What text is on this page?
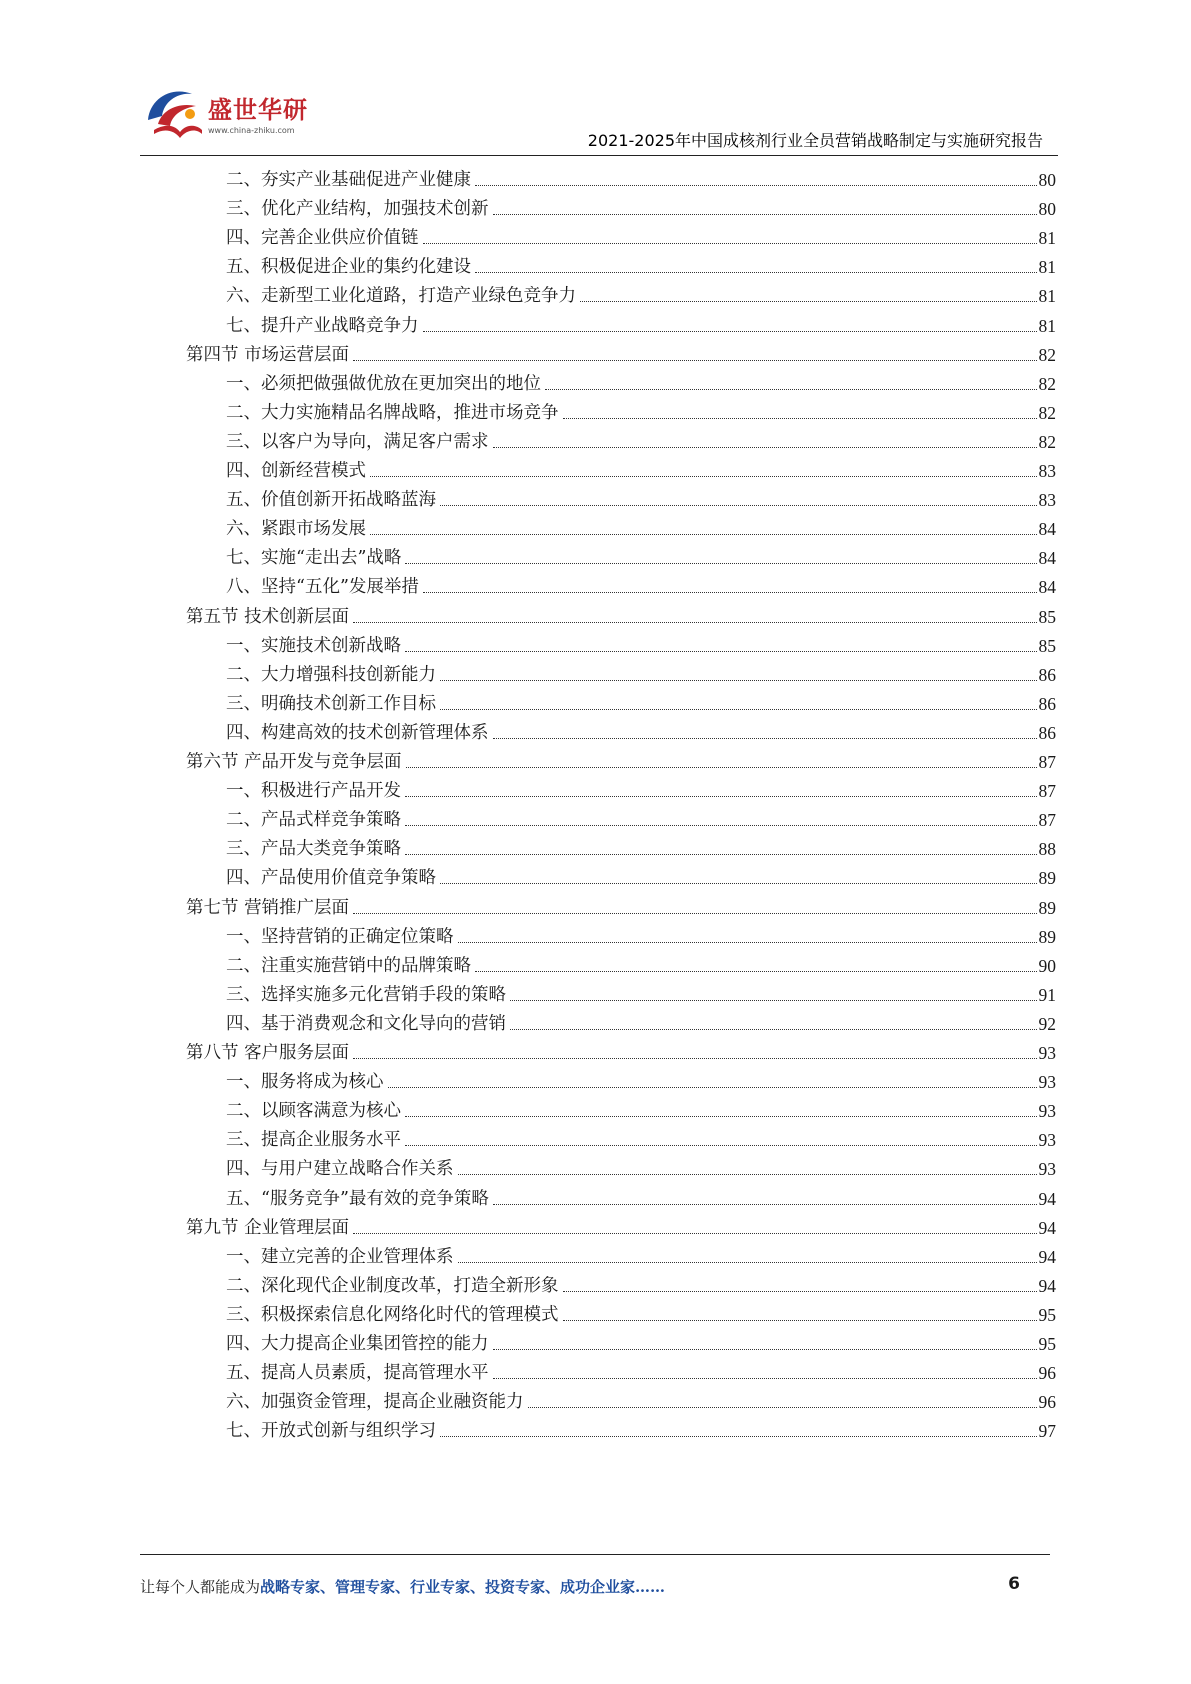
盛世华研
www.china-zhiku.com
2021-2025年中国成核剂行业全员营销战略制定与实施研究报告
二、夯实产业基础促进产业健康	80
三、优化产业结构，加强技术创新	80
四、完善企业供应价值链	81
五、积极促进企业的集约化建设	81
六、走新型工业化道路，打造产业绿色竞争力	81
七、提升产业战略竞争力	81
第四节 市场运营层面	82
一、必须把做强做优放在更加突出的地位	82
二、大力实施精品名牌战略，推进市场竞争	82
三、以客户为导向，满足客户需求	82
四、创新经营模式	83
五、价值创新开拓战略蓝海	83
六、紧跟市场发展	84
七、实施“走出去”战略	84
八、坚持“五化”发展举措	84
第五节 技术创新层面	85
一、实施技术创新战略	85
二、大力增强科技创新能力	86
三、明确技术创新工作目标	86
四、构建高效的技术创新管理体系	86
第六节 产品开发与竞争层面	87
一、积极进行产品开发	87
二、产品式样竞争策略	87
三、产品大类竞争策略	88
四、产品使用价值竞争策略	89
第七节 营销推广层面	89
一、坚持营销的正确定位策略	89
二、注重实施营销中的品牌策略	90
三、选择实施多元化营销手段的策略	91
四、基于消费观念和文化导向的营销	92
第八节 客户服务层面	93
一、服务将成为核心	93
二、以顾客满意为核心	93
三、提高企业服务水平	93
四、与用户建立战略合作关系	93
五、“服务竞争”最有效的竞争策略	94
第九节 企业管理层面	94
一、建立完善的企业管理体系	94
二、深化现代企业制度改革，打造全新形象	94
三、积极探索信息化网络化时代的管理模式	95
四、大力提高企业集团管控的能力	95
五、提高人员素质，提高管理水平	96
六、加强资金管理，提高企业融资能力	96
七、开放式创新与组织学习	97
让每个人都能成为战略专家、管理专家、行业专家、投资专家、成功企业家……	6
